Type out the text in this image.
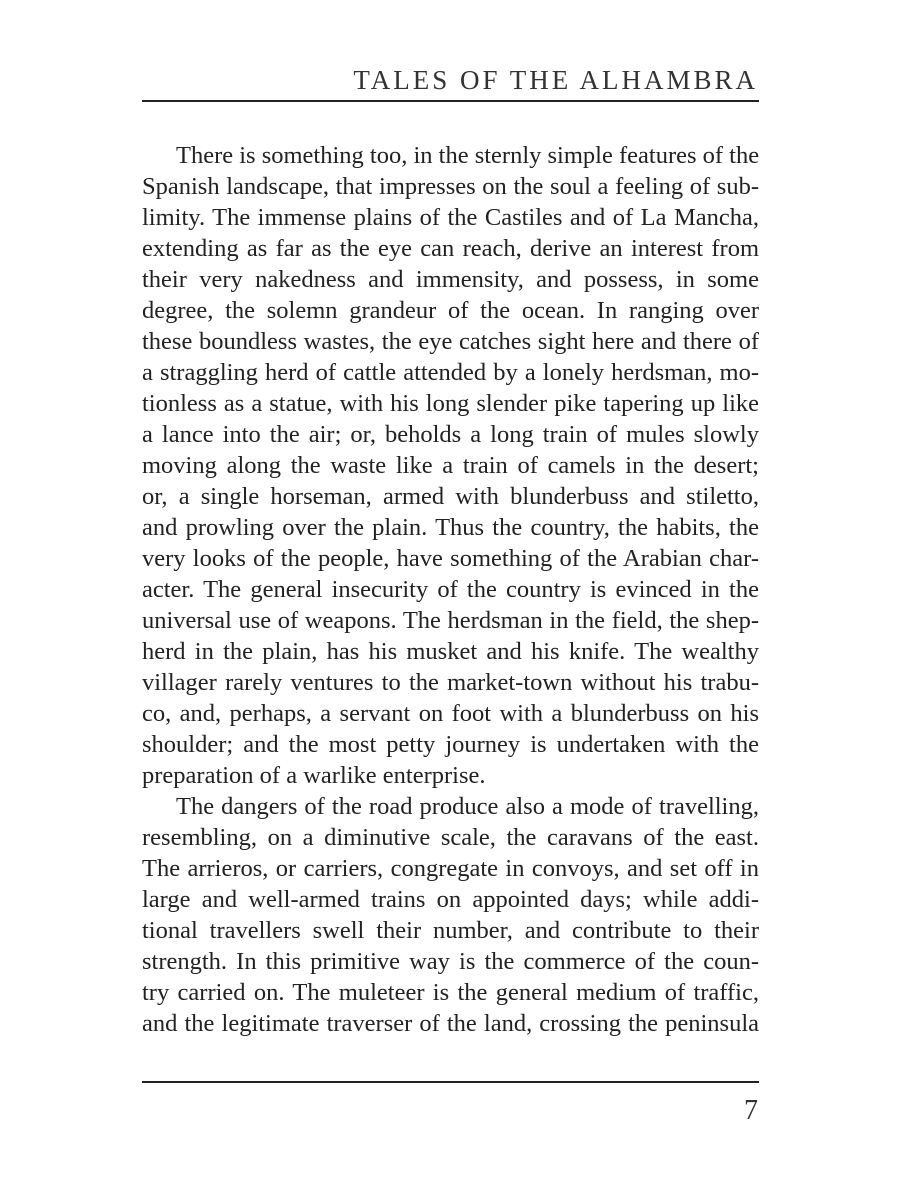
TALES OF THE ALHAMBRA

There is something too, in the sternly simple features of the
Spanish landscape, that impresses on the soul a feeling of sub-
limity. The immense plains of the Castiles and of La Mancha,
extending as far as the eye can reach, derive an interest from
their very nakedness and immensity, and possess, in some
degree, the solemn grandeur of the ocean. In ranging over
these boundless wastes, the eye catches sight here and there of
a straggling herd of cattle attended by a lonely herdsman, mo-
tionless as a statue, with his long slender pike tapering up like
a lance into the air; or, beholds a long train of mules slowly
moving along the waste like a train of camels in the desert;
or, a single horseman, armed with blunderbuss and stiletto,
and prowling over the plain. Thus the country, the habits, the
very looks of the people, have something of the Arabian char-
acter. The general insecurity of the country is evinced in the
universal use of weapons. The herdsman in the field, the shep-
herd in the plain, has his musket and his knife. The wealthy
villager rarely ventures to the market-town without his trabu-
co, and, perhaps, a servant on foot with a blunderbuss on his
shoulder; and the most petty journey is undertaken with the
preparation of a warlike enterprise.

The dangers of the road produce also a mode of travelling,
resembling, on a diminutive scale, the caravans of the east.
The arrieros, or carriers, congregate in convoys, and set off in
large and well-armed trains on appointed days; while addi-
tional travellers swell their number, and contribute to their
strength. In this primitive way is the commerce of the coun-
try carried on. The muleteer is the general medium of traffic,
and the legitimate traverser of the land, crossing the peninsula

7
